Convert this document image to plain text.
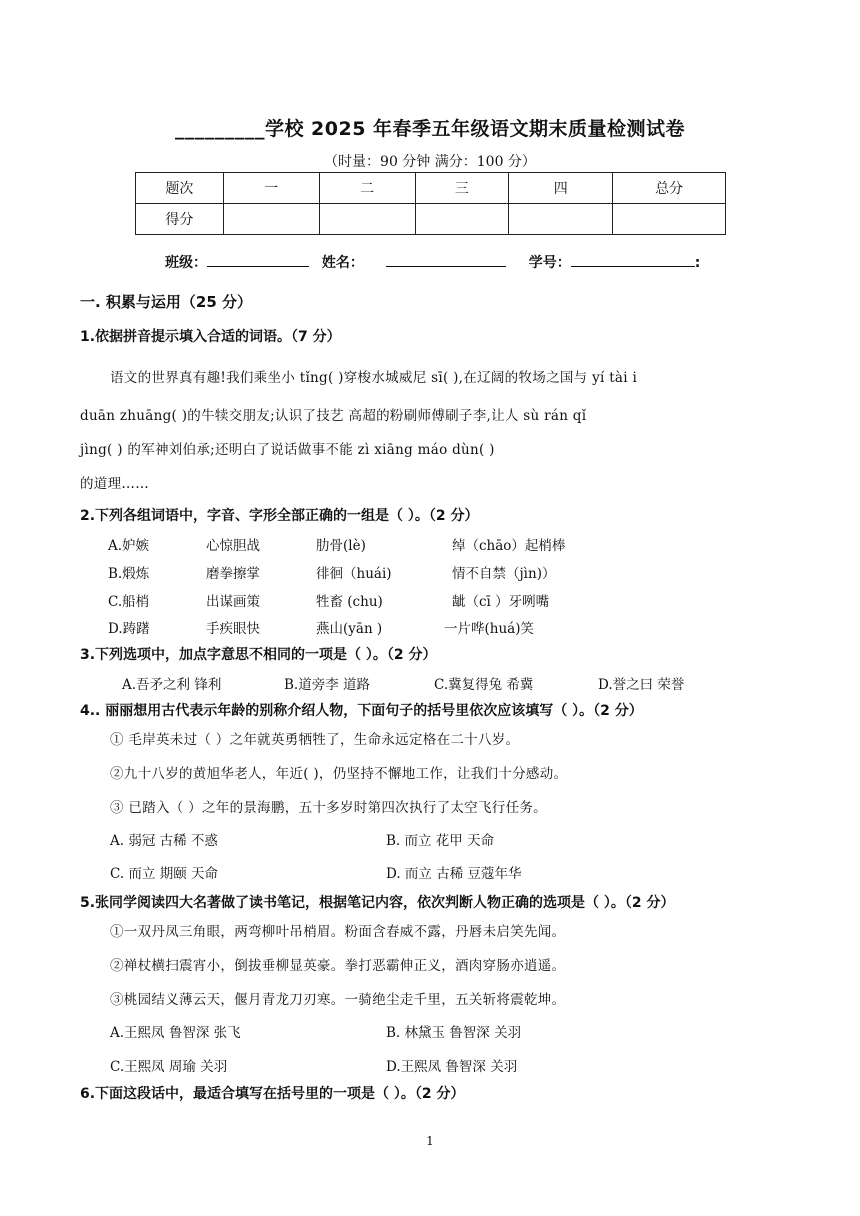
_________学校 2025 年春季五年级语文期末质量检测试卷
（时量：90 分钟 满分：100 分）
题次	一	二	三	四	总分
得分					
班级：	姓名：	学号：	:
一. 积累与运用（25 分）
1.依据拼音提示填入合适的词语。（7 分）
语文的世界真有趣!我们乘坐小 tǐng( )穿梭水城威尼 sī( ),在辽阔的牧场之国与 yí tài i
duān zhuāng( )的牛犊交朋友;认识了技艺 高超的粉刷师傅刷子李,让人 sù rán qǐ
jìng( ) 的军神刘伯承;还明白了说话做事不能 zì xiāng máo dùn( )
的道理……
2.下列各组词语中，字音、字形全部正确的一组是（ ）。（2 分）
A.妒嫉	心惊胆战	肋骨(lè)	绰（chāo）起梢棒
B.煅炼	磨拳擦掌	徘徊（huái)	情不自禁（jìn)）
C.船梢	出谋画策	牲畜 (chu)	龇（cī ）牙咧嘴
D.踌躇	手疾眼快	燕山(yān )	一片哗(huá)笑
3.下列选项中，加点字意思不相同的一项是（ ）。（2 分）
A.吾矛之利 锋利	B.道旁李 道路	C.冀复得兔 希冀	D.誉之曰 荣誉
4.. 丽丽想用古代表示年龄的别称介绍人物，下面句子的括号里依次应该填写（ ）。（2 分）
① 毛岸英未过（ ）之年就英勇牺牲了，生命永远定格在二十八岁。
②九十八岁的黄旭华老人，年近( )，仍坚持不懈地工作，让我们十分感动。
③ 已踏入（ ）之年的景海鹏，五十多岁时第四次执行了太空飞行任务。
A. 弱冠 古稀 不惑	B. 而立 花甲 天命
C. 而立 期颐 天命	D. 而立 古稀 豆蔻年华
5.张同学阅读四大名著做了读书笔记，根据笔记内容，依次判断人物正确的选项是（ ）。（2 分）
①一双丹凤三角眼，两弯柳叶吊梢眉。粉面含春威不露，丹唇未启笑先闻。
②禅杖横扫震宵小，倒拔垂柳显英豪。拳打恶霸伸正义，酒肉穿肠亦逍遥。
③桃园结义薄云天，偃月青龙刀刃寒。一骑绝尘走千里，五关斩将震乾坤。
A.王熙凤 鲁智深 张飞	B. 林黛玉 鲁智深 关羽
C.王熙凤 周瑜 关羽	D.王熙凤 鲁智深 关羽
6.下面这段话中，最适合填写在括号里的一项是（ ）。（2 分）
1
